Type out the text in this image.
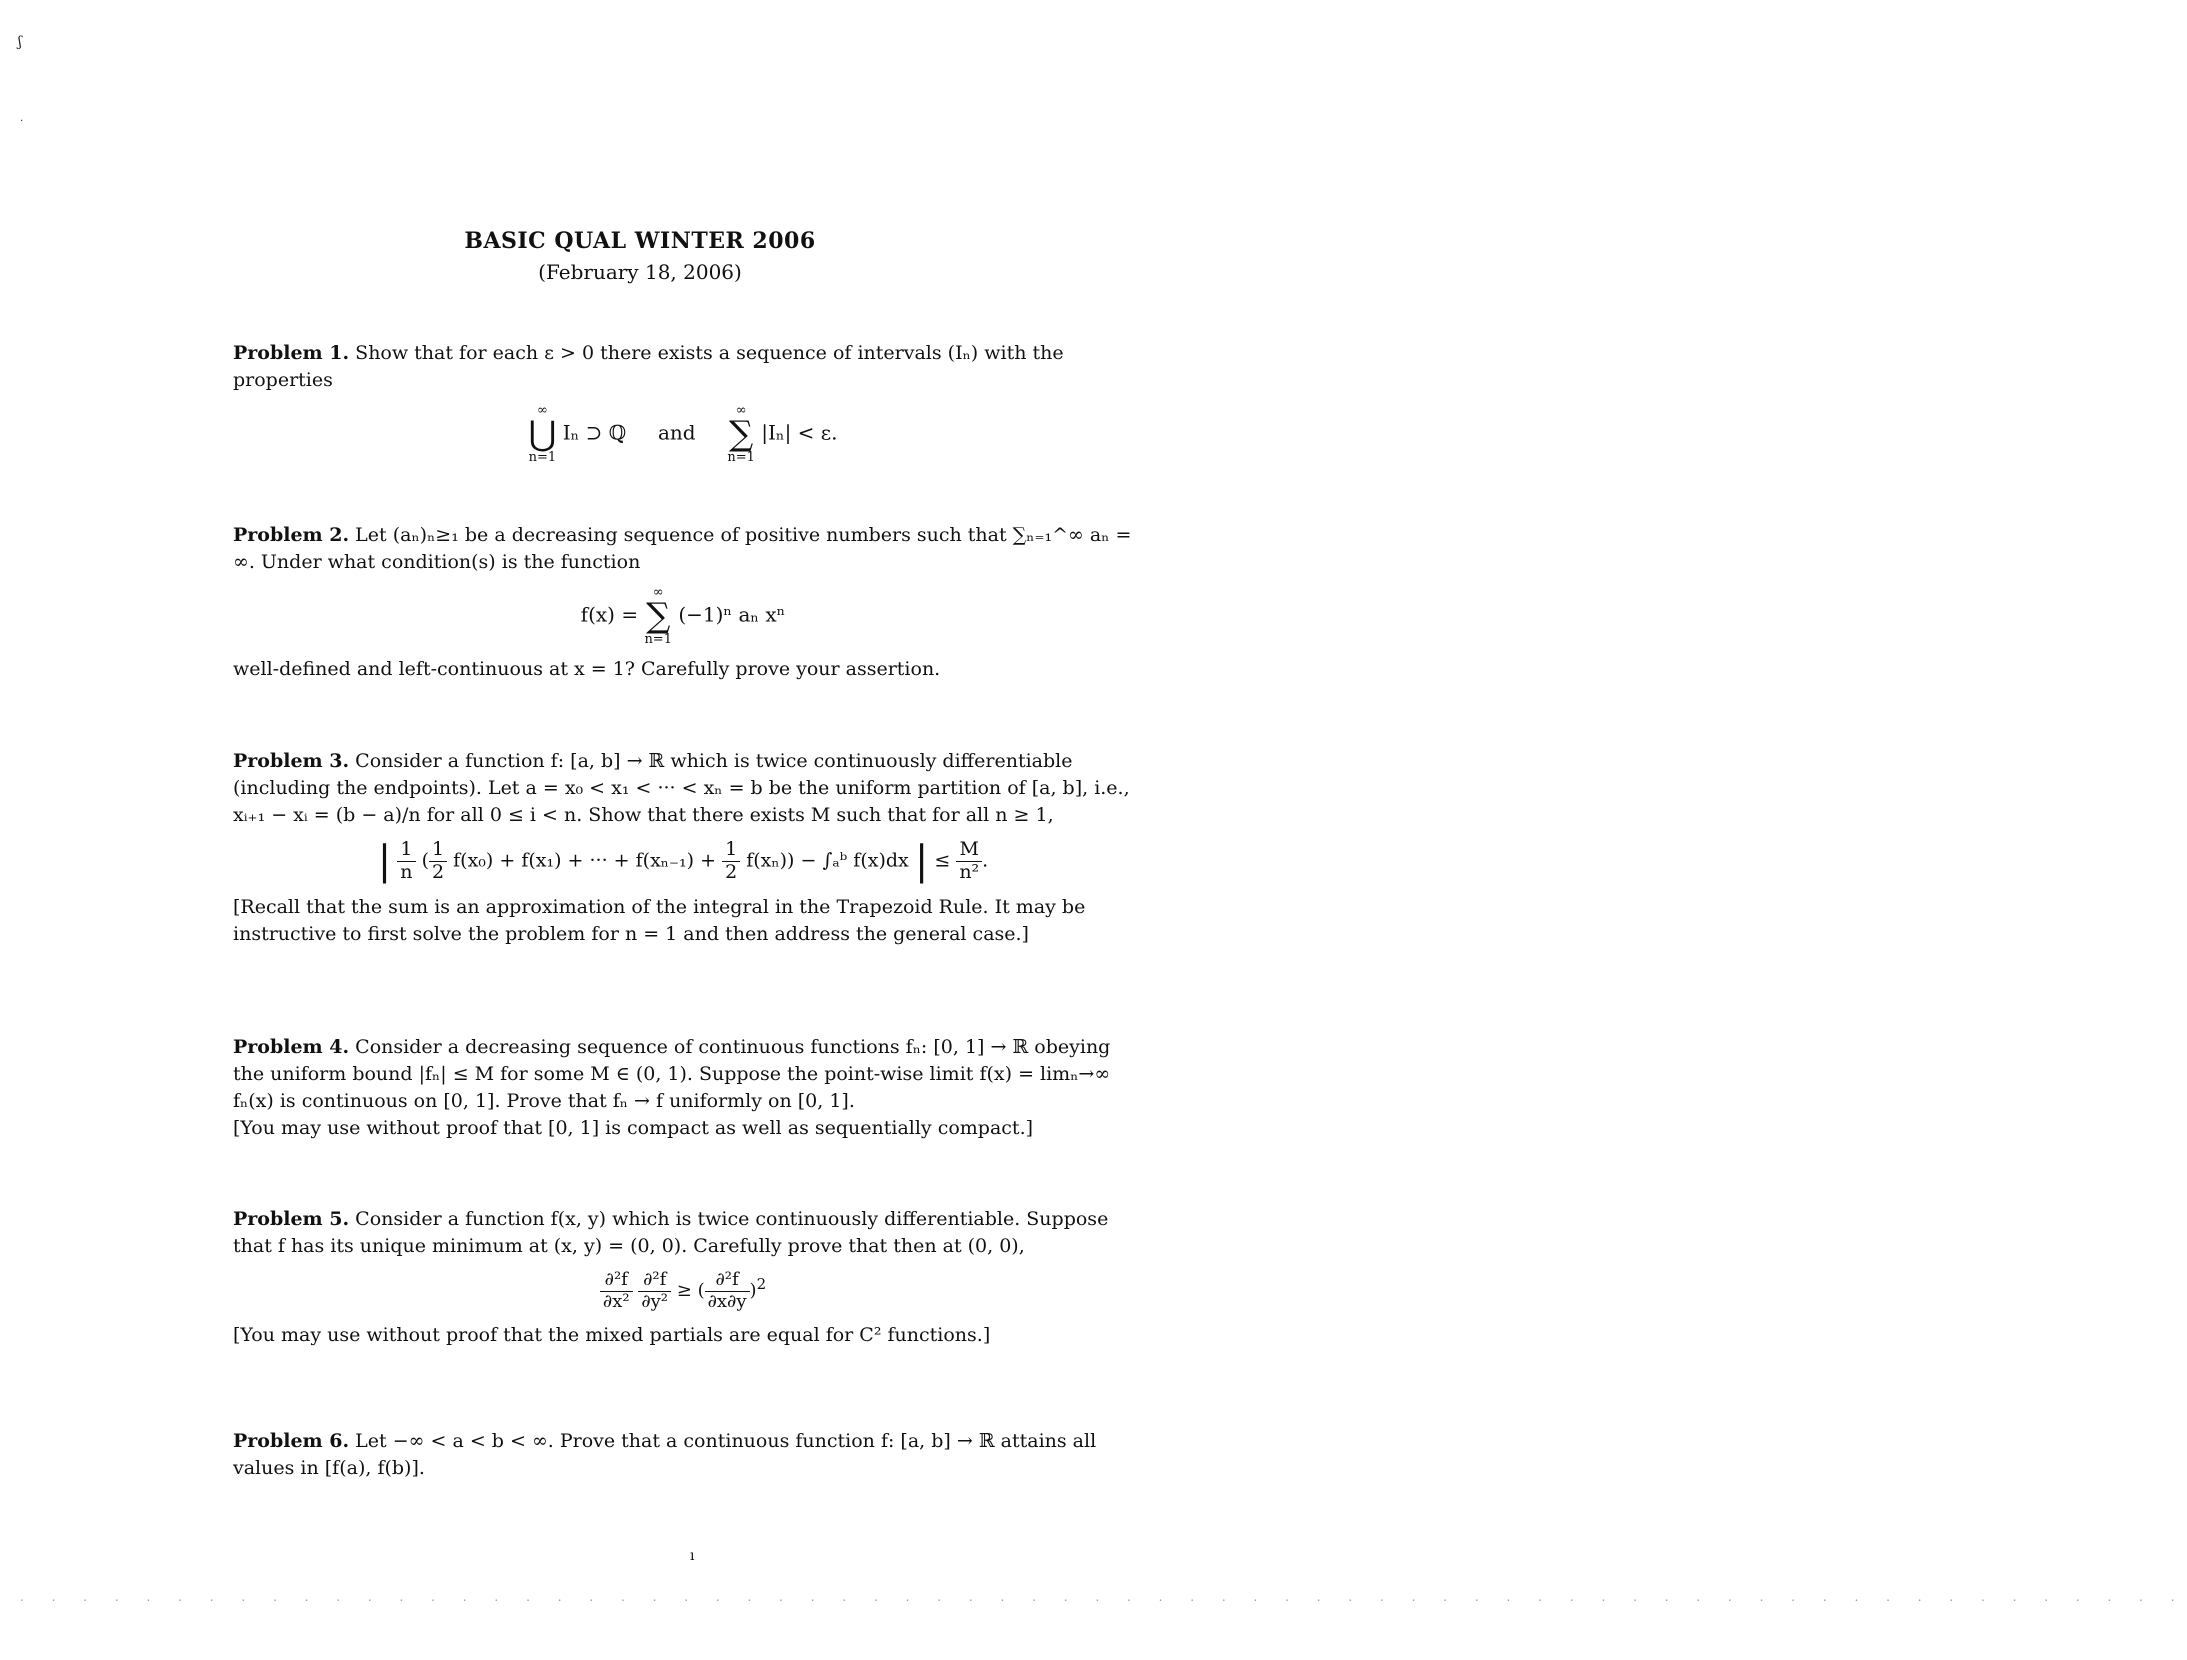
ʃ
·
BASIC QUAL WINTER 2006
(February 18, 2006)
Problem 1. Show that for each ε > 0 there exists a sequence of intervals (Iₙ) with the properties
∞
⋃
n=1
Iₙ ⊃ ℚ and
∞
∑
n=1
|Iₙ| < ε.
Problem 2. Let (aₙ)ₙ≥₁ be a decreasing sequence of positive numbers such that ∑ₙ₌₁^∞ aₙ = ∞. Under what condition(s) is the function
f(x) =
∞
∑
n=1
(−1)ⁿ aₙ xⁿ
well-defined and left-continuous at x = 1? Carefully prove your assertion.
Problem 3. Consider a function f: [a, b] → ℝ which is twice continuously differentiable (including the endpoints). Let a = x₀ < x₁ < ··· < xₙ = b be the uniform partition of [a, b], i.e., xᵢ₊₁ − xᵢ = (b − a)/n for all 0 ≤ i < n. Show that there exists M such that for all n ≥ 1,
| $\frac{1}{n}$ ( $\frac{1}{2} f(x_0) + f(x_1)$ + ··· + $f(x_{n-1}) + \frac{1}{2} f(x_n)$) − ∫ₐᵇ f(x)dx | ≤ $\frac{M}{\text{n²}}$ .
[Recall that the sum is an approximation of the integral in the Trapezoid Rule. It may be instructive to first solve the problem for n = 1 and then address the general case.]
Problem 4. Consider a decreasing sequence of continuous functions fₙ: [0, 1] → ℝ obeying the uniform bound |fₙ| ≤ M for some M ∈ (0, 1). Suppose the point-wise limit f(x) = limₙ→∞ fₙ(x) is continuous on [0, 1]. Prove that fₙ → f uniformly on [0, 1].
[You may use without proof that [0, 1] is compact as well as sequentially compact.]
Problem 5. Consider a function f(x, y) which is twice continuously differentiable. Suppose that f has its unique minimum at (x, y) = (0, 0). Carefully prove that then at (0, 0),
$\frac{\text{∂²f}}{\text{∂x²}}$
$\frac{\text{∂²f}}{\text{∂y²}}$ ≥ ( $\frac{\text{∂²f}}{\partial x\partial y} )^2$
[You may use without proof that the mixed partials are equal for C² functions.]
Problem 6. Let −∞ < a < b < ∞. Prove that a continuous function f: [a, b] → ℝ attains all values in [f(a), f(b)].
ı
. . . . . . . . . . . . . . . . . . . . . . . . . . . . . . . . . . . . . . . . . . . . . . . . . . . . . . . . . . . . . . . . . . . . .
